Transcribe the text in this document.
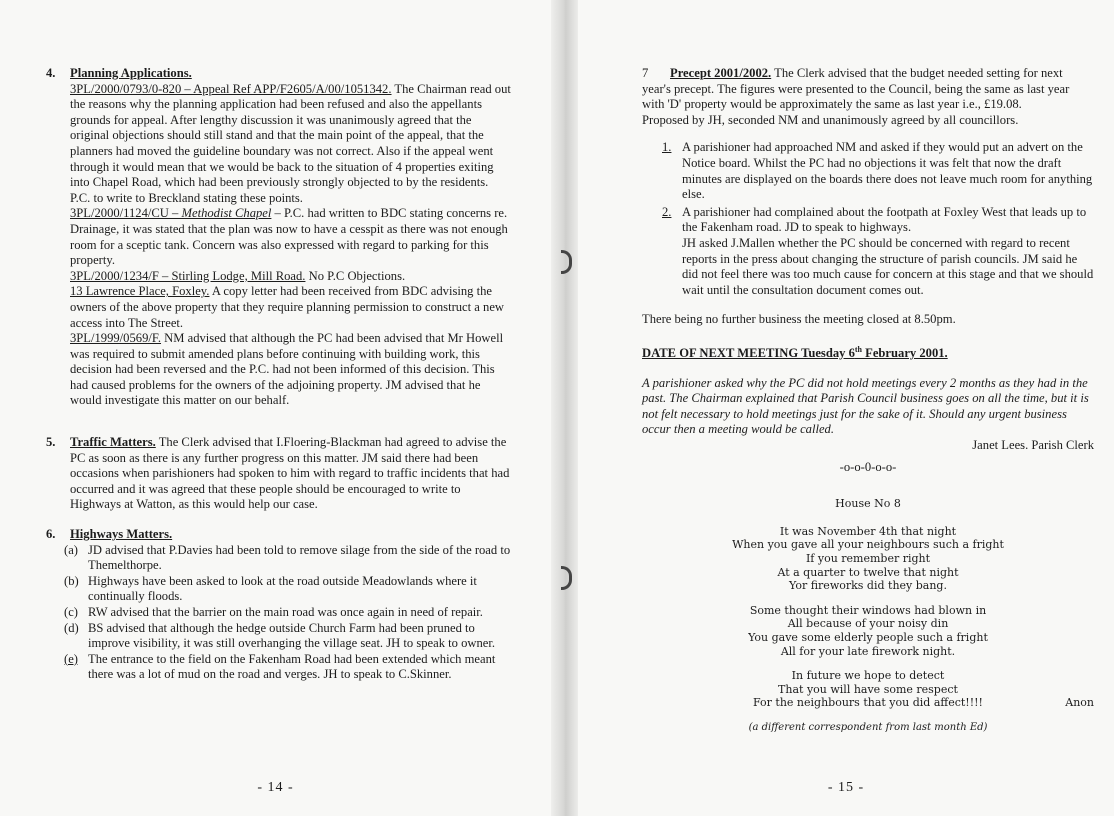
4. Planning Applications.
3PL/2000/0793/0-820 – Appeal Ref APP/F2605/A/00/1051342. The Chairman read out the reasons why the planning application had been refused and also the appellants grounds for appeal. After lengthy discussion it was unanimously agreed that the original objections should still stand and that the main point of the appeal, that the planners had moved the guideline boundary was not correct. Also if the appeal went through it would mean that we would be back to the situation of 4 properties exiting into Chapel Road, which had been previously strongly objected to by the residents. P.C. to write to Breckland stating these points.
3PL/2000/1124/CU – Methodist Chapel – P.C. had written to BDC stating concerns re. Drainage, it was stated that the plan was now to have a cesspit as there was not enough room for a sceptic tank. Concern was also expressed with regard to parking for this property.
3PL/2000/1234/F – Stirling Lodge, Mill Road. No P.C Objections.
13 Lawrence Place, Foxley. A copy letter had been received from BDC advising the owners of the above property that they require planning permission to construct a new access into The Street.
3PL/1999/0569/F. NM advised that although the PC had been advised that Mr Howell was required to submit amended plans before continuing with building work, this decision had been reversed and the P.C. had not been informed of this decision. This had caused problems for the owners of the adjoining property. JM advised that he would investigate this matter on our behalf.
5. Traffic Matters. The Clerk advised that I.Floering-Blackman had agreed to advise the PC as soon as there is any further progress on this matter. JM said there had been occasions when parishioners had spoken to him with regard to traffic incidents that had occurred and it was agreed that these people should be encouraged to write to Highways at Watton, as this would help our case.
6. Highways Matters.
(a) JD advised that P.Davies had been told to remove silage from the side of the road to Themelthorpe.
(b) Highways have been asked to look at the road outside Meadowlands where it continually floods.
(c) RW advised that the barrier on the main road was once again in need of repair.
(d) BS advised that although the hedge outside Church Farm had been pruned to improve visibility, it was still overhanging the village seat. JH to speak to owner.
(e) The entrance to the field on the Fakenham Road had been extended which meant there was a lot of mud on the road and verges. JH to speak to C.Skinner.
- 14 -
7 Precept 2001/2002. The Clerk advised that the budget needed setting for next year's precept. The figures were presented to the Council, being the same as last year with 'D' property would be approximately the same as last year i.e., £19.08.
Proposed by JH, seconded NM and unanimously agreed by all councillors.
1. A parishioner had approached NM and asked if they would put an advert on the Notice board. Whilst the PC had no objections it was felt that now the draft minutes are displayed on the boards there does not leave much room for anything else.
2. A parishioner had complained about the footpath at Foxley West that leads up to the Fakenham road. JD to speak to highways.
JH asked J.Mallen whether the PC should be concerned with regard to recent reports in the press about changing the structure of parish councils. JM said he did not feel there was too much cause for concern at this stage and that we should wait until the consultation document comes out.
There being no further business the meeting closed at 8.50pm.
DATE OF NEXT MEETING Tuesday 6th February 2001.
A parishioner asked why the PC did not hold meetings every 2 months as they had in the past. The Chairman explained that Parish Council business goes on all the time, but it is not felt necessary to hold meetings just for the sake of it. Should any urgent business occur then a meeting would be called.
Janet Lees. Parish Clerk
-o-o-0-o-o-
House No 8
It was November 4th that night
When you gave all your neighbours such a fright
If you remember right
At a quarter to twelve that night
Yor fireworks did they bang.
Some thought their windows had blown in
All because of your noisy din
You gave some elderly people such a fright
All for your late firework night.
In future we hope to detect
That you will have some respect
For the neighbours that you did affect!!!!	Anon
(a different correspondent from last month Ed)
- 15 -
